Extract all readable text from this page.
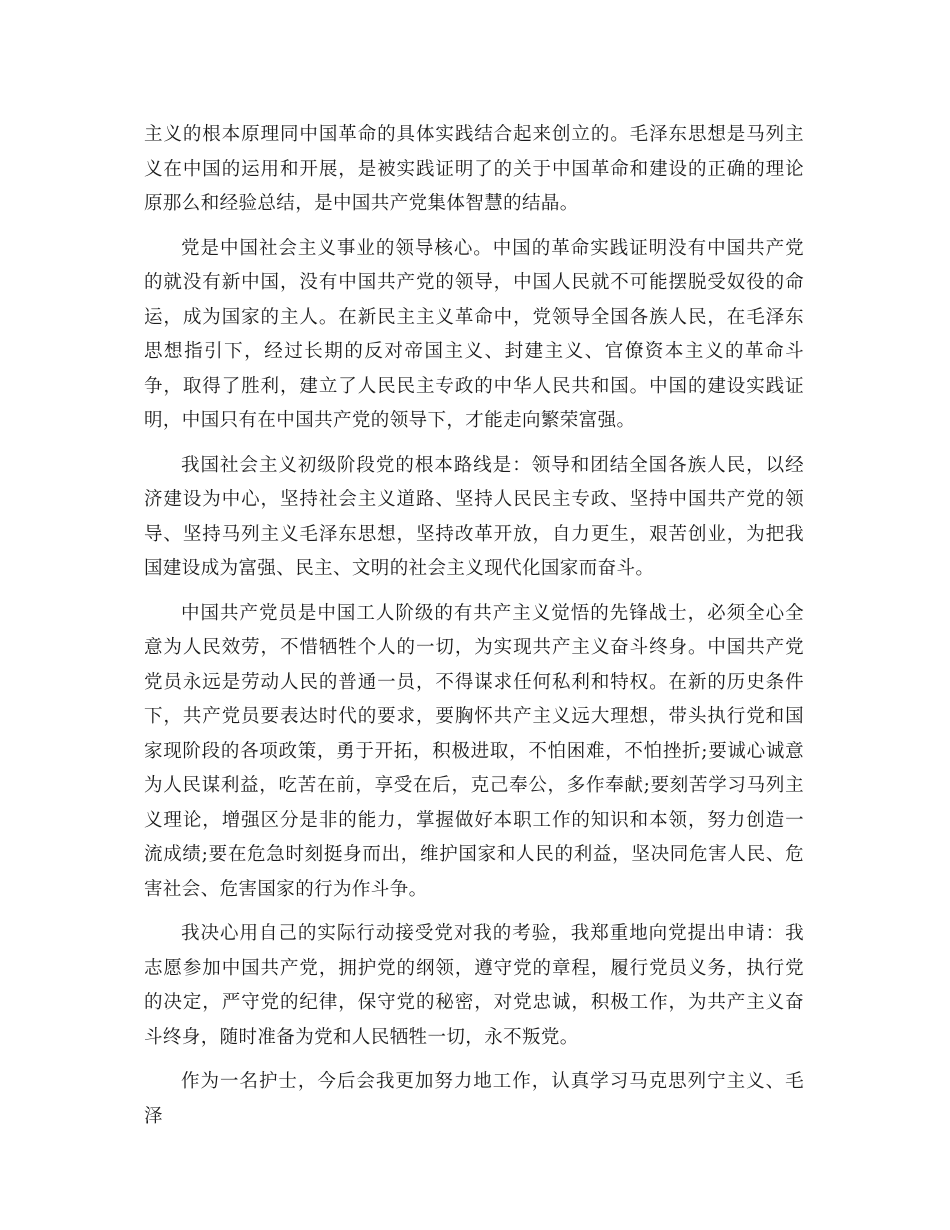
主义的根本原理同中国革命的具体实践结合起来创立的。毛泽东思想是马列主义在中国的运用和开展，是被实践证明了的关于中国革命和建设的正确的理论原那么和经验总结，是中国共产党集体智慧的结晶。

党是中国社会主义事业的领导核心。中国的革命实践证明没有中国共产党的就没有新中国，没有中国共产党的领导，中国人民就不可能摆脱受奴役的命运，成为国家的主人。在新民主主义革命中，党领导全国各族人民，在毛泽东思想指引下，经过长期的反对帝国主义、封建主义、官僚资本主义的革命斗争，取得了胜利，建立了人民民主专政的中华人民共和国。中国的建设实践证明，中国只有在中国共产党的领导下，才能走向繁荣富强。

我国社会主义初级阶段党的根本路线是：领导和团结全国各族人民，以经济建设为中心，坚持社会主义道路、坚持人民民主专政、坚持中国共产党的领导、坚持马列主义毛泽东思想，坚持改革开放，自力更生，艰苦创业，为把我国建设成为富强、民主、文明的社会主义现代化国家而奋斗。

中国共产党员是中国工人阶级的有共产主义觉悟的先锋战士，必须全心全意为人民效劳，不惜牺牲个人的一切，为实现共产主义奋斗终身。中国共产党党员永远是劳动人民的普通一员，不得谋求任何私利和特权。在新的历史条件下，共产党员要表达时代的要求，要胸怀共产主义远大理想，带头执行党和国家现阶段的各项政策，勇于开拓，积极进取，不怕困难，不怕挫折;要诚心诚意为人民谋利益，吃苦在前，享受在后，克己奉公，多作奉献;要刻苦学习马列主义理论，增强区分是非的能力，掌握做好本职工作的知识和本领，努力创造一流成绩;要在危急时刻挺身而出，维护国家和人民的利益，坚决同危害人民、危害社会、危害国家的行为作斗争。

我决心用自己的实际行动接受党对我的考验，我郑重地向党提出申请：我志愿参加中国共产党，拥护党的纲领，遵守党的章程，履行党员义务，执行党的决定，严守党的纪律，保守党的秘密，对党忠诚，积极工作，为共产主义奋斗终身，随时准备为党和人民牺牲一切，永不叛党。

作为一名护士，今后会我更加努力地工作，认真学习马克思列宁主义、毛泽
